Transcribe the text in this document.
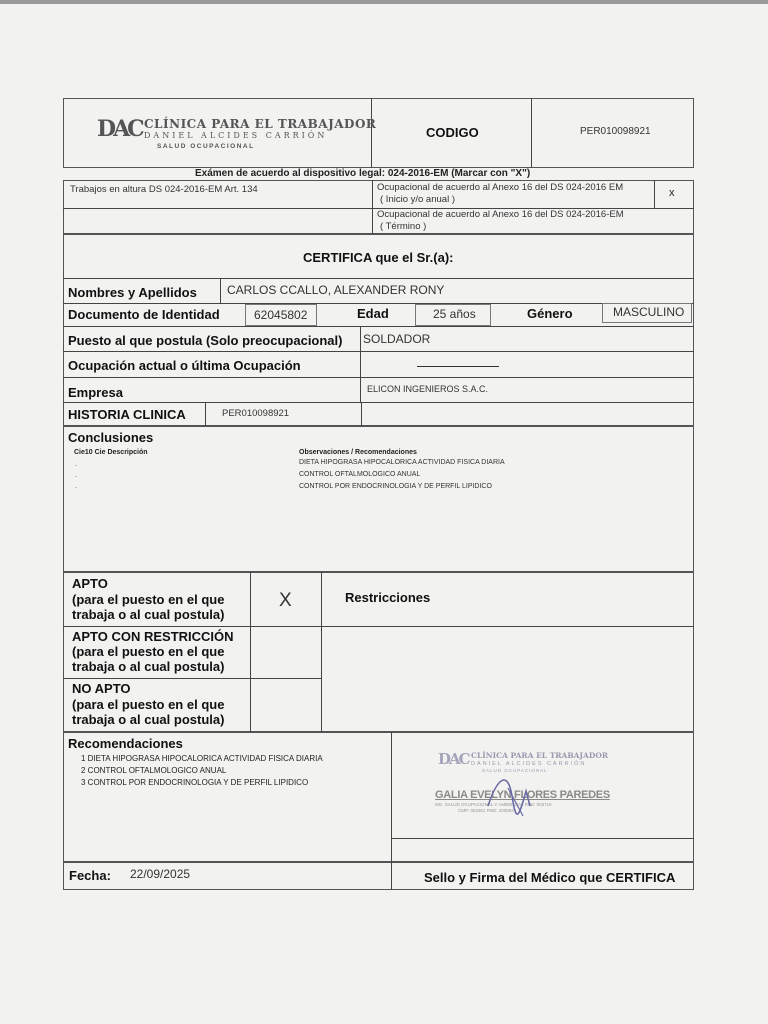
DAC CLÍNICA PARA EL TRABAJADOR
DANIEL ALCIDES CARRIÓN
SALUD OCUPACIONAL
CODIGO	PER010098921
Exámen de acuerdo al dispositivo legal: 024-2016-EM (Marcar con "X")
Trabajos en altura DS 024-2016-EM Art. 134	Ocupacional de acuerdo al Anexo 16 del DS 024-2016 EM
( Inicio y/o anual )
x
Ocupacional de acuerdo al Anexo 16 del DS 024-2016-EM
( Término )
CERTIFICA que el Sr.(a):
Nombres y Apellidos	CARLOS CCALLO, ALEXANDER RONY
Documento de Identidad	62045802	Edad	25 años	Género	MASCULINO
Puesto al que postula (Solo preocupacional) SOLDADOR
Ocupación actual o última Ocupación
Empresa	ELICON INGENIEROS S.A.C.
HISTORIA CLINICA	PER010098921
Conclusiones
Cie10 Cie Descripción
.
.
.
Observaciones / Recomendaciones
DIETA HIPOGRASA HIPOCALORICA ACTIVIDAD FISICA DIARIA
CONTROL OFTALMOLOGICO ANUAL
CONTROL POR ENDOCRINOLOGIA Y DE PERFIL LIPIDICO
APTO
(para el puesto en el que
trabaja o al cual postula)
X	Restricciones
APTO CON RESTRICCIÓN
(para el puesto en el que
trabaja o al cual postula)
NO APTO
(para el puesto en el que
trabaja o al cual postula)
Recomendaciones
1 DIETA HIPOGRASA HIPOCALORICA ACTIVIDAD FISICA DIARIA
2 CONTROL OFTALMOLOGICO ANUAL
3 CONTROL POR ENDOCRINOLOGIA Y DE PERFIL LIPIDICO
DAC CLÍNICA PARA EL TRABAJADOR
DANIEL ALCIDES CARRIÓN
SALUD OCUPACIONAL
GALIA EVELYN FLORES PAREDES
MG. SALUD OCUPACIONAL Y AMBIENTAL RNE: 003715
CMP: 063301 RNE: 400682
Fecha: 22/09/2025	Sello y Firma del Médico que CERTIFICA
